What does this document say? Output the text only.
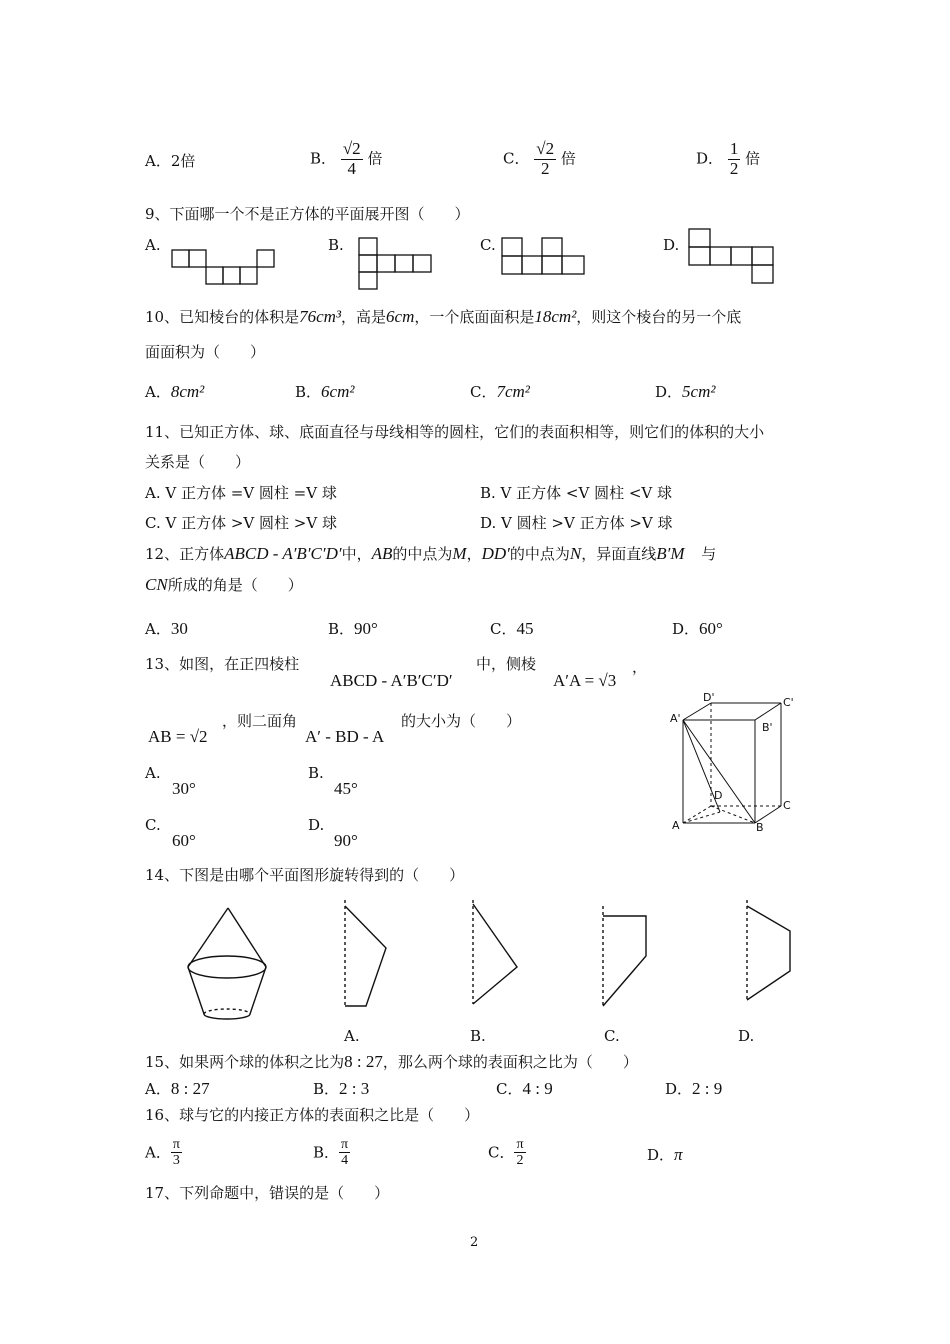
A．2倍	B． $\frac{√2}{4}$ 倍	C． $\frac{√2}{2}$ 倍	D． $\frac{1}{2}$ 倍
9、下面哪一个不是正方体的平面展开图（　　）
A.	B.	C.	D.
10、已知棱台的体积是76cm³，高是6cm，一个底面面积是18cm²，则这个棱台的另一个底
面面积为（　　）
A．8cm²	B．6cm²	C．7cm²	D．5cm²
11、已知正方体、球、底面直径与母线相等的圆柱，它们的表面积相等，则它们的体积的大小
关系是（　　）
A. V 正方体 =V 圆柱 =V 球	B. V 正方体 <V 圆柱 <V 球
C. V 正方体 >V 圆柱 >V 球	D. V 圆柱 >V 正方体 >V 球
12、正方体ABCD - A′B′C′D′中，AB的中点为M，DD′的中点为N，异面直线B′M 与
CN所成的角是（　　）
A．30	B．90°	C．45	D．60°
13、如图，在正四棱柱
ABCD - A′B′C′D′
中，侧棱
A′A = √3
，
AB = √2
，则二面角
A′ - BD - A
的大小为（　　）
A.
30°
B.
45°
C.
60°
D.
90°
A'
D'	C'
B'
D
C
A	B
14、下图是由哪个平面图形旋转得到的（　　）
A.	B.	C.	D.
15、如果两个球的体积之比为8 : 27，那么两个球的表面积之比为（　　）
A．8 : 27	B．2 : 3	C．4 : 9	D．2 : 9
16、球与它的内接正方体的表面积之比是（　　）
A． $\frac{\pi}{3}$	B． $\frac{\pi}{4}$	C． $\frac{\pi}{2}$	D．π
17、下列命题中，错误的是（　　）
2
